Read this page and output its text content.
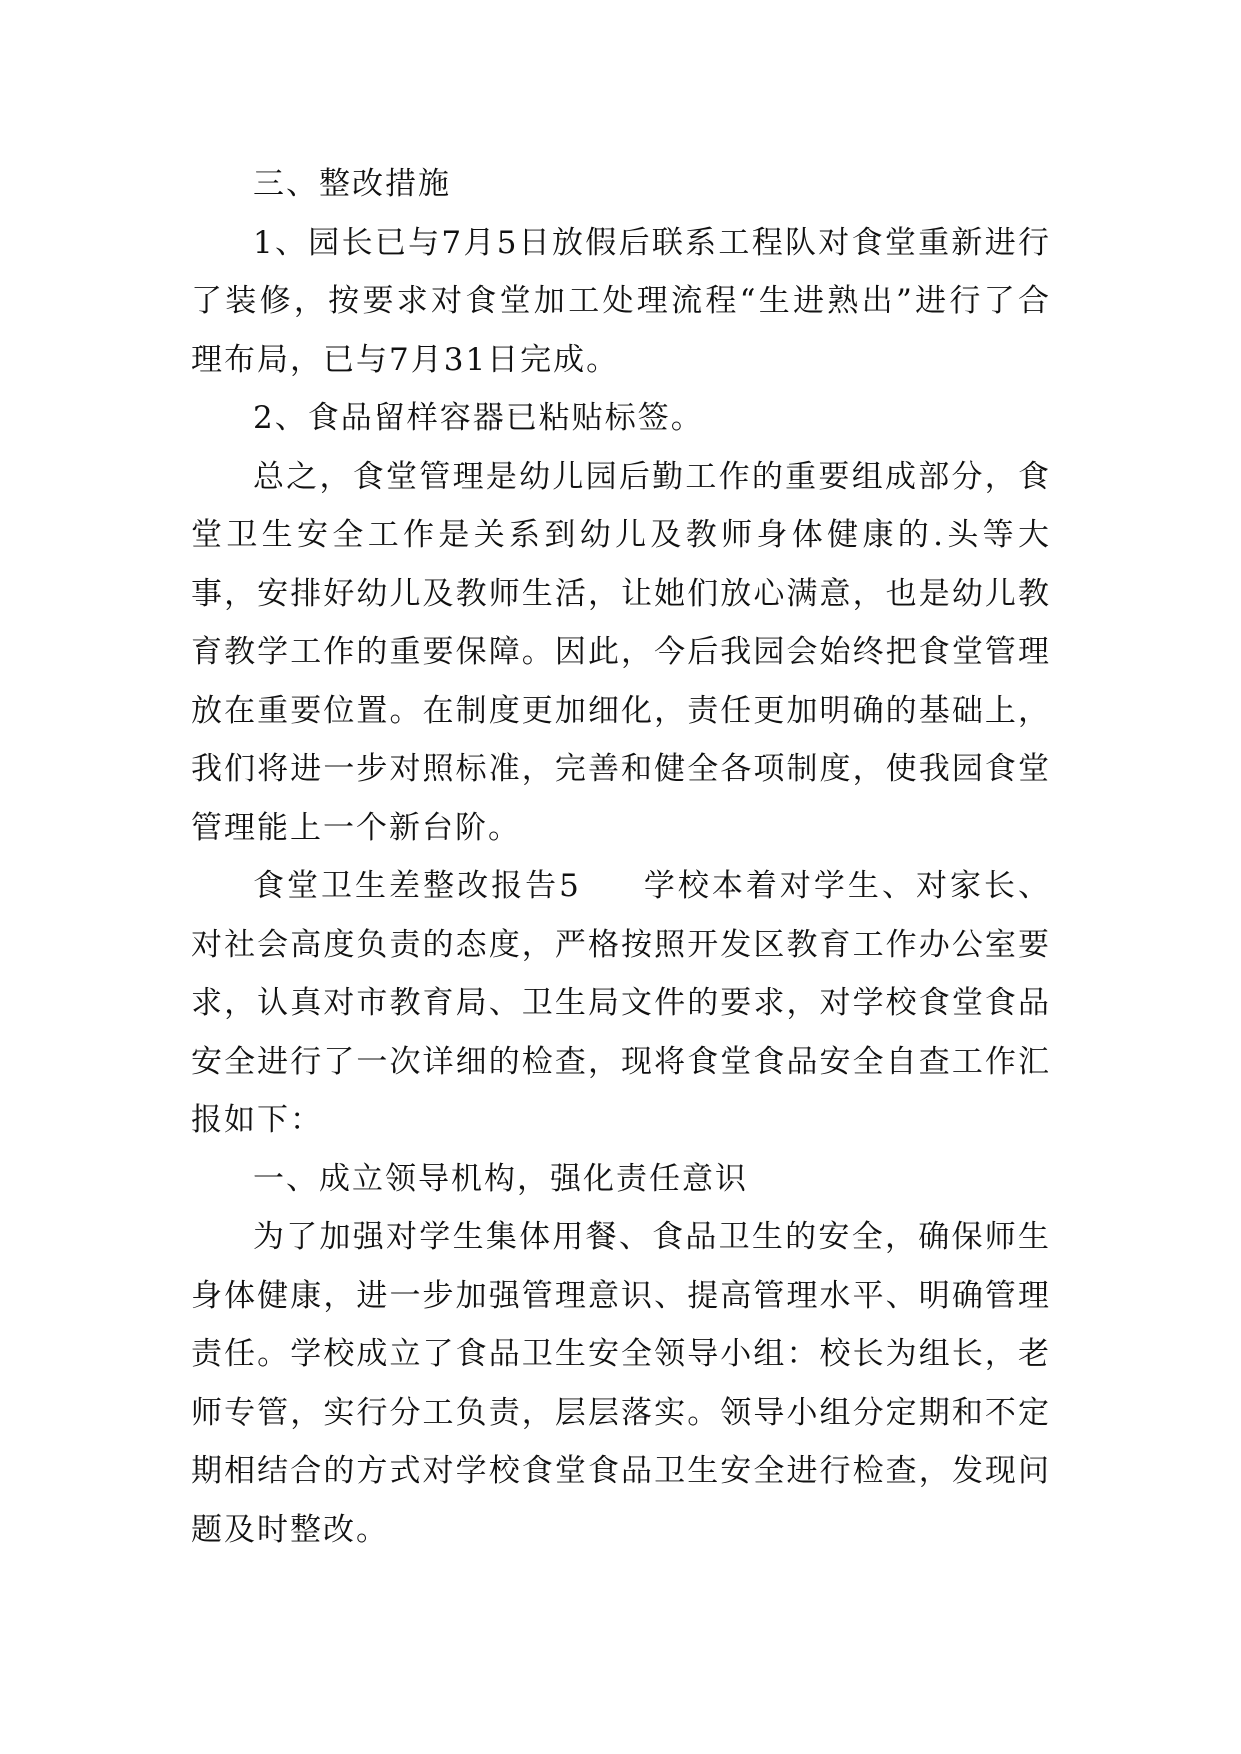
三、整改措施

1、园长已与7月5日放假后联系工程队对食堂重新进行了装修，按要求对食堂加工处理流程“生进熟出”进行了合理布局，已与7月31日完成。

2、食品留样容器已粘贴标签。

总之，食堂管理是幼儿园后勤工作的重要组成部分，食堂卫生安全工作是关系到幼儿及教师身体健康的.头等大事，安排好幼儿及教师生活，让她们放心满意，也是幼儿教育教学工作的重要保障。因此，今后我园会始终把食堂管理放在重要位置。在制度更加细化，责任更加明确的基础上，我们将进一步对照标准，完善和健全各项制度，使我园食堂管理能上一个新台阶。

食堂卫生差整改报告5 学校本着对学生、对家长、对社会高度负责的态度，严格按照开发区教育工作办公室要求，认真对市教育局、卫生局文件的要求，对学校食堂食品安全进行了一次详细的检查，现将食堂食品安全自查工作汇报如下：

一、成立领导机构，强化责任意识

为了加强对学生集体用餐、食品卫生的安全，确保师生身体健康，进一步加强管理意识、提高管理水平、明确管理责任。学校成立了食品卫生安全领导小组：校长为组长，老师专管，实行分工负责，层层落实。领导小组分定期和不定期相结合的方式对学校食堂食品卫生安全进行检查，发现问题及时整改。
